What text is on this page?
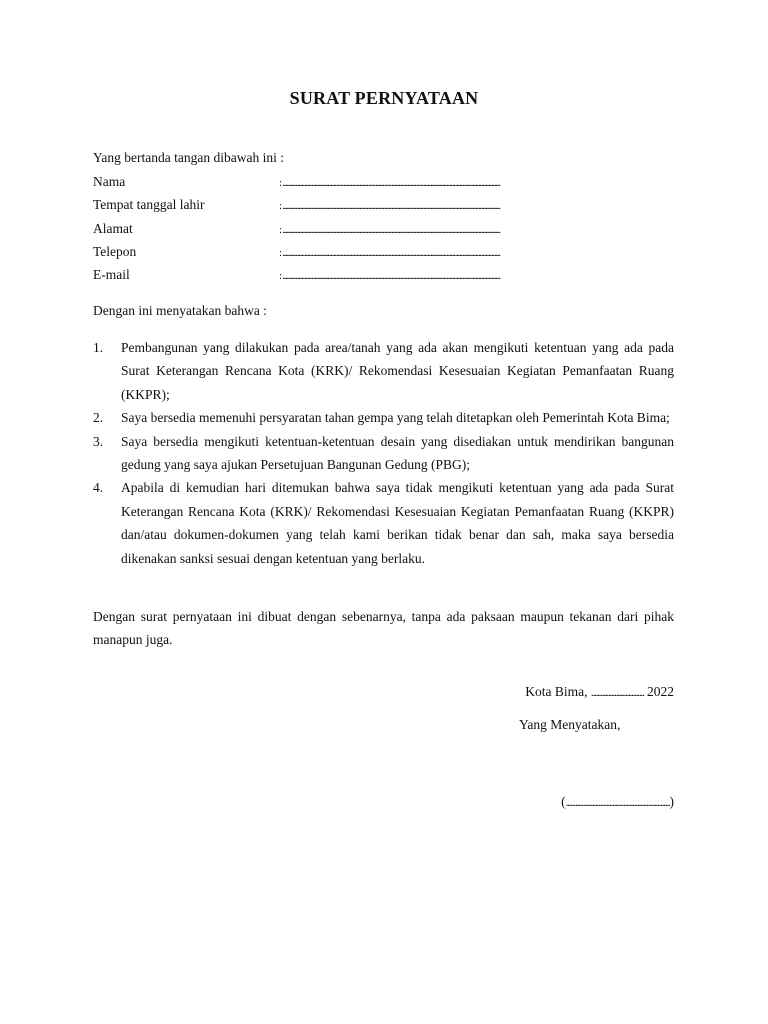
SURAT PERNYATAAN
Yang bertanda tangan dibawah ini :
Nama	: ......................................................................................................................................................
Tempat tanggal lahir	: ......................................................................................................................................................
Alamat	: ......................................................................................................................................................
Telepon	: ......................................................................................................................................................
E-mail	: ......................................................................................................................................................
Dengan ini menyatakan bahwa :
1. Pembangunan yang dilakukan pada area/tanah yang ada akan mengikuti ketentuan yang ada pada Surat Keterangan Rencana Kota (KRK)/ Rekomendasi Kesesuaian Kegiatan Pemanfaatan Ruang (KKPR);
2. Saya bersedia memenuhi persyaratan tahan gempa yang telah ditetapkan oleh Pemerintah Kota Bima;
3. Saya bersedia mengikuti ketentuan-ketentuan desain yang disediakan untuk mendirikan bangunan gedung yang saya ajukan Persetujuan Bangunan Gedung (PBG);
4. Apabila di kemudian hari ditemukan bahwa saya tidak mengikuti ketentuan yang ada pada Surat Keterangan Rencana Kota (KRK)/ Rekomendasi Kesesuaian Kegiatan Pemanfaatan Ruang (KKPR) dan/atau dokumen-dokumen yang telah kami berikan tidak benar dan sah, maka saya bersedia dikenakan sanksi sesuai dengan ketentuan yang berlaku.
Dengan surat pernyataan ini dibuat dengan sebenarnya, tanpa ada paksaan maupun tekanan dari pihak manapun juga.
Kota Bima, .................................. 2022
Yang Menyatakan,
(...................................................................)
